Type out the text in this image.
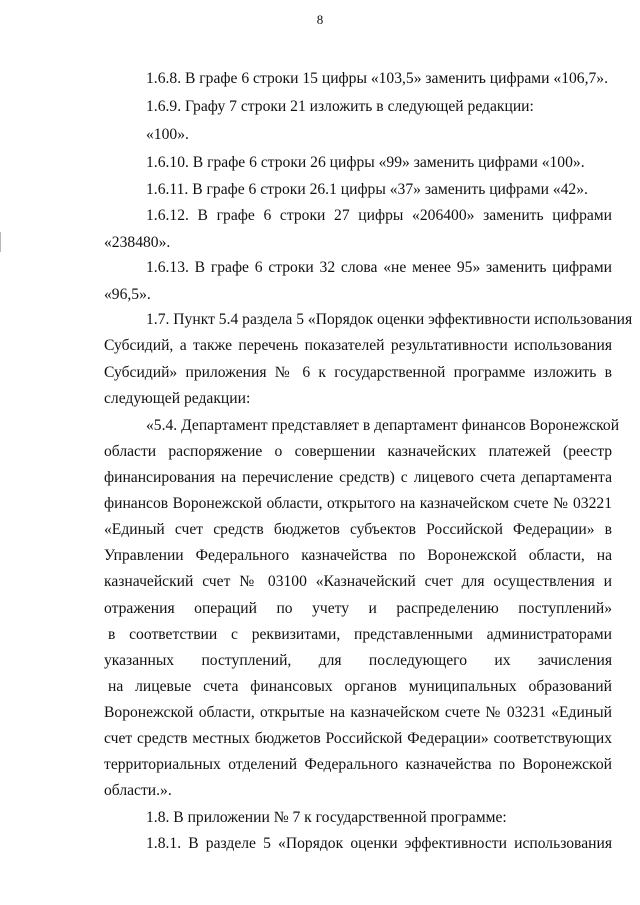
8
1.6.8. В графе 6 строки 15 цифры «103,5» заменить цифрами «106,7».
1.6.9. Графу 7 строки 21 изложить в следующей редакции:
«100».
1.6.10. В графе 6 строки 26 цифры «99» заменить цифрами «100».
1.6.11. В графе 6 строки 26.1 цифры «37» заменить цифрами «42».
1.6.12. В графе 6 строки 27 цифры «206400» заменить цифрами
«238480».
1.6.13. В графе 6 строки 32 слова «не менее 95» заменить цифрами
«96,5».
1.7. Пункт 5.4 раздела 5 «Порядок оценки эффективности использования
Субсидий, а также перечень показателей результативности использования
Субсидий» приложения № 6 к государственной программе изложить в
следующей редакции:
«5.4. Департамент представляет в департамент финансов Воронежской
области распоряжение о совершении казначейских платежей (реестр
финансирования на перечисление средств) с лицевого счета департамента
финансов Воронежской области, открытого на казначейском счете № 03221
«Единый счет средств бюджетов субъектов Российской Федерации» в
Управлении Федерального казначейства по Воронежской области, на
казначейский счет № 03100 «Казначейский счет для осуществления и
отражения операций по учету и распределению поступлений»
в соответствии с реквизитами, представленными администраторами
указанных поступлений, для последующего их зачисления
на лицевые счета финансовых органов муниципальных образований
Воронежской области, открытые на казначейском счете № 03231 «Единый
счет средств местных бюджетов Российской Федерации» соответствующих
территориальных отделений Федерального казначейства по Воронежской
области.».
1.8. В приложении № 7 к государственной программе:
1.8.1. В разделе 5 «Порядок оценки эффективности использования
